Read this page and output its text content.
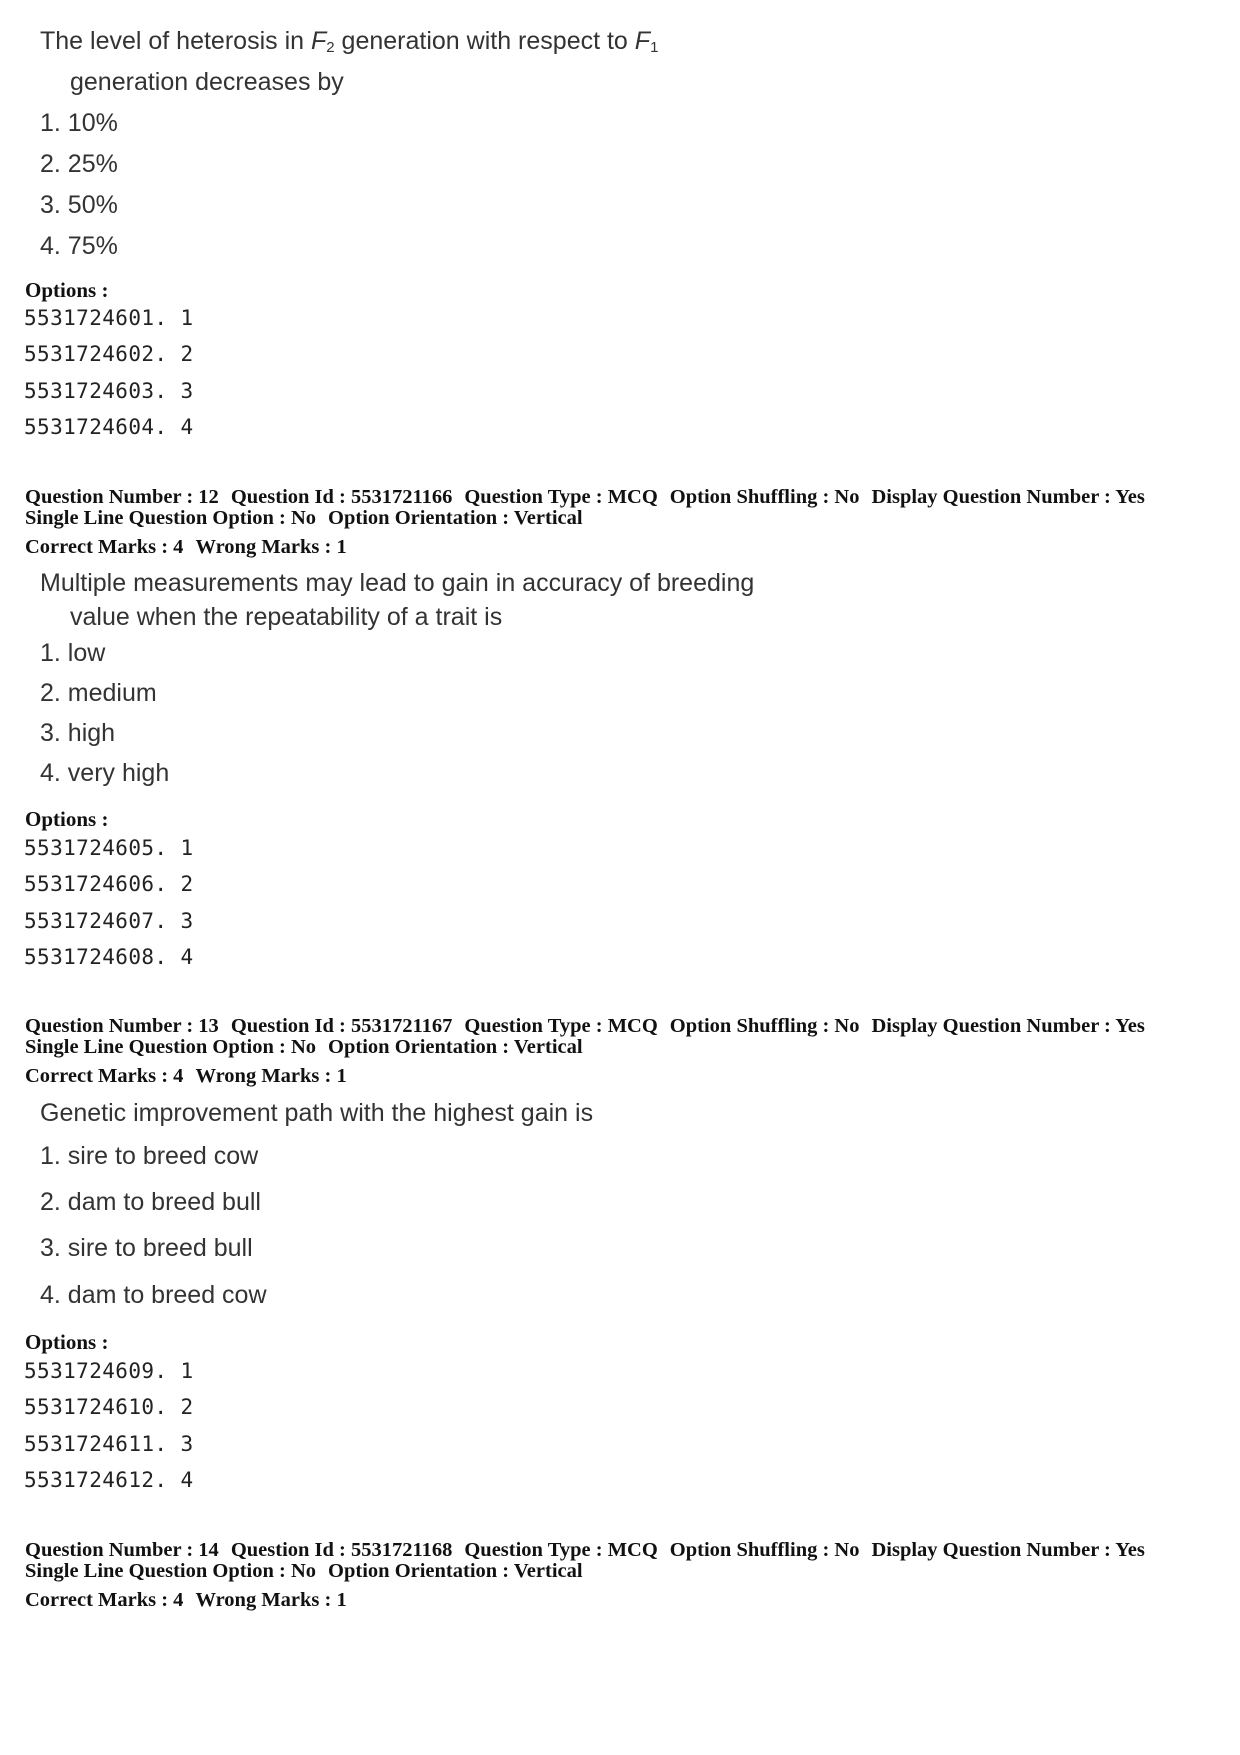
The level of heterosis in $F_2$ generation with respect to $F_1$
generation decreases by
1. 10%
2. 25%
3. 50%
4. 75%
Options :
5531724601. 1
5531724602. 2
5531724603. 3
5531724604. 4
Question Number : 12 Question Id : 5531721166 Question Type : MCQ Option Shuffling : No Display Question Number : Yes
Single Line Question Option : No Option Orientation : Vertical
Correct Marks : 4 Wrong Marks : 1
Multiple measurements may lead to gain in accuracy of breeding
value when the repeatability of a trait is
1. low
2. medium
3. high
4. very high
Options :
5531724605. 1
5531724606. 2
5531724607. 3
5531724608. 4
Question Number : 13 Question Id : 5531721167 Question Type : MCQ Option Shuffling : No Display Question Number : Yes
Single Line Question Option : No Option Orientation : Vertical
Correct Marks : 4 Wrong Marks : 1
Genetic improvement path with the highest gain is
1. sire to breed cow
2. dam to breed bull
3. sire to breed bull
4. dam to breed cow
Options :
5531724609. 1
5531724610. 2
5531724611. 3
5531724612. 4
Question Number : 14 Question Id : 5531721168 Question Type : MCQ Option Shuffling : No Display Question Number : Yes
Single Line Question Option : No Option Orientation : Vertical
Correct Marks : 4 Wrong Marks : 1
